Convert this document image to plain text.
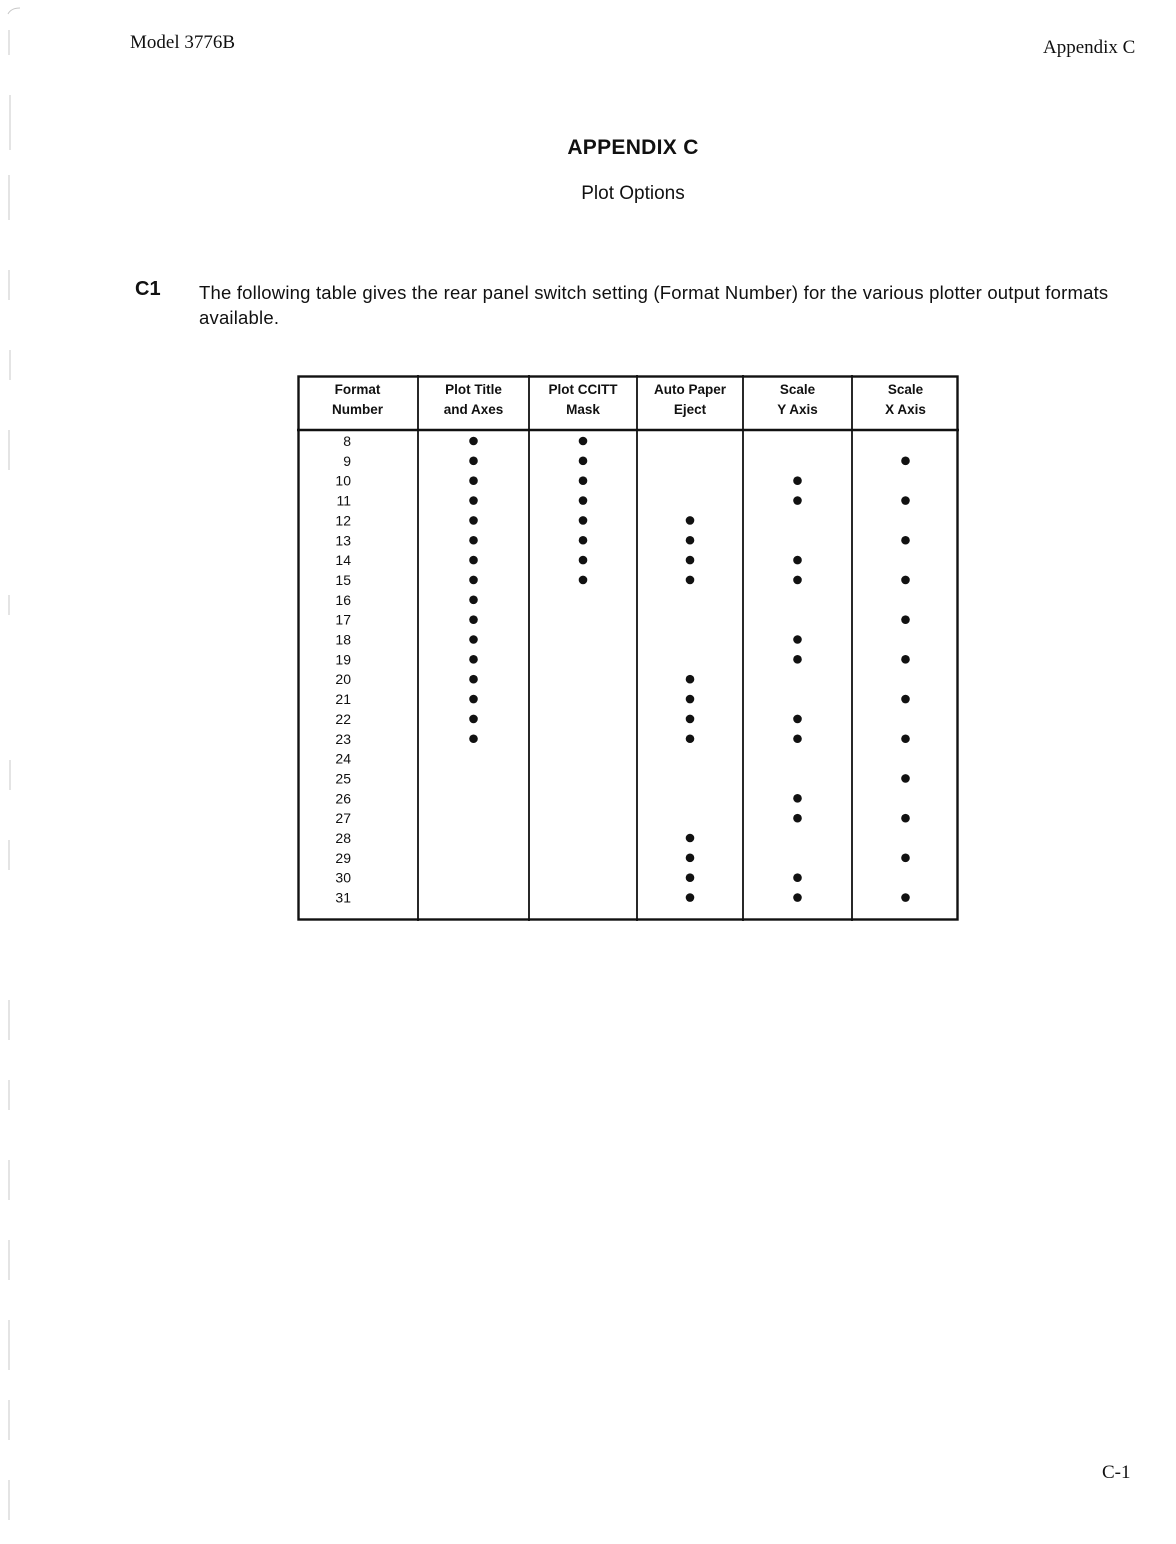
Model 3776B	Appendix C
APPENDIX C
Plot Options
C1 The following table gives the rear panel switch setting (Format Number) for the various plotter output formats available.
Format
Number
Plot Title
and Axes
Plot CCITT
Mask
Auto Paper
Eject
Scale
Y Axis
Scale
X Axis
8
9
10
11
12
13
14
15
16
17
18
19
20
21
22
23
24
25
26
27
28
29
30
31
C-1
